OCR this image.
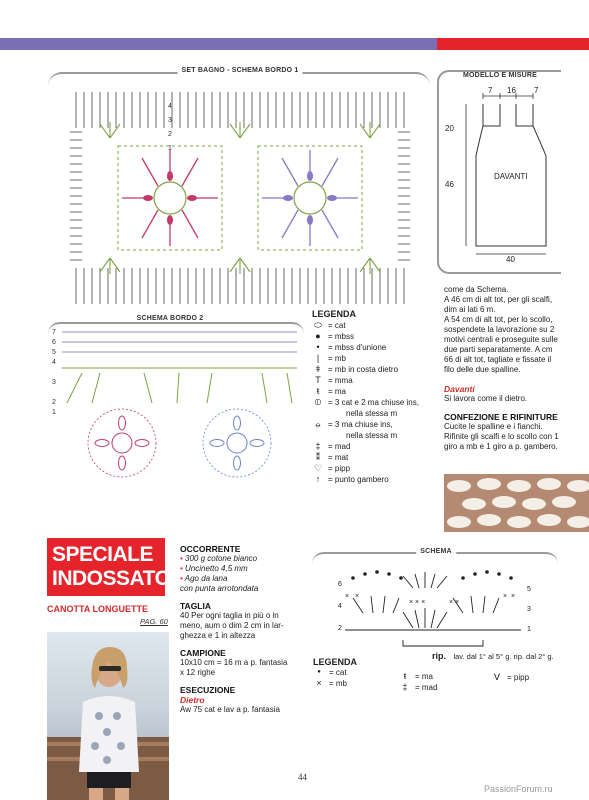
SET BAGNO - SCHEMA BORDO 1
4
3
2
1
MODELLO E MISURE
7 16 7
20
46
DAVANTI
40
SCHEMA BORDO 2
7
6
5
4
3
2
1
LEGENDA
⬭ = cat
● = mbss
•	= mbss d'unione
|	= mb
ǂ = mb in costa dietro
T = mma
ŧ	= ma
⦶ = 3 cat e 2 ma chiuse ins,
nella stessa m
⦵ = 3 ma chiuse ins,
nella stessa m
‡ = mad
⁑ = mat
♡ = pipp
↑ = punto gambero
come da Schema.
A 46 cm di alt tot, per gli scalfi,
dim ai lati 6 m.
A 54 cm di alt tot, per lo scollo,
sospendete la lavorazione su 2
motivi centrali e proseguite sulle
due parti separatamente. A cm
66 di alt tot, tagliate e fissate il
filo delle due spalline.
Davanti
Si lavora come il dietro.
CONFEZIONE E RIFINITURE
Cucite le spalline e i fianchi.
Rifinite gli scalfi e lo scollo con 1
giro a mb e 1 giro a p. gambero.
SPECIALE
INDOSSATO
CANOTTA LONGUETTE
PAG. 60
OCCORRENTE
• 300 g cotone bianco
• Uncinetto 4,5 mm
• Ago da lana
con punta arrotondata
TAGLIA
40 Per ogni taglia in più o in
meno, aum o dim 2 cm in lar-
ghezza e 1 in altezza
CAMPIONE
10x10 cm = 16 m a p. fantasia
x 12 righe
ESECUZIONE
Dietro
Aw 75 cat e lav a p. fantasia
SCHEMA
× ×	× ×
× × ×	× ×
6
4
2
5
3
1
rip. lav. dal 1° al 5° g. rip. dal 2° g.
LEGENDA
●	= cat
× = mb
ŧ	= ma
‡ = mad
ᐯ = pipp
44
PassionForum.ru
